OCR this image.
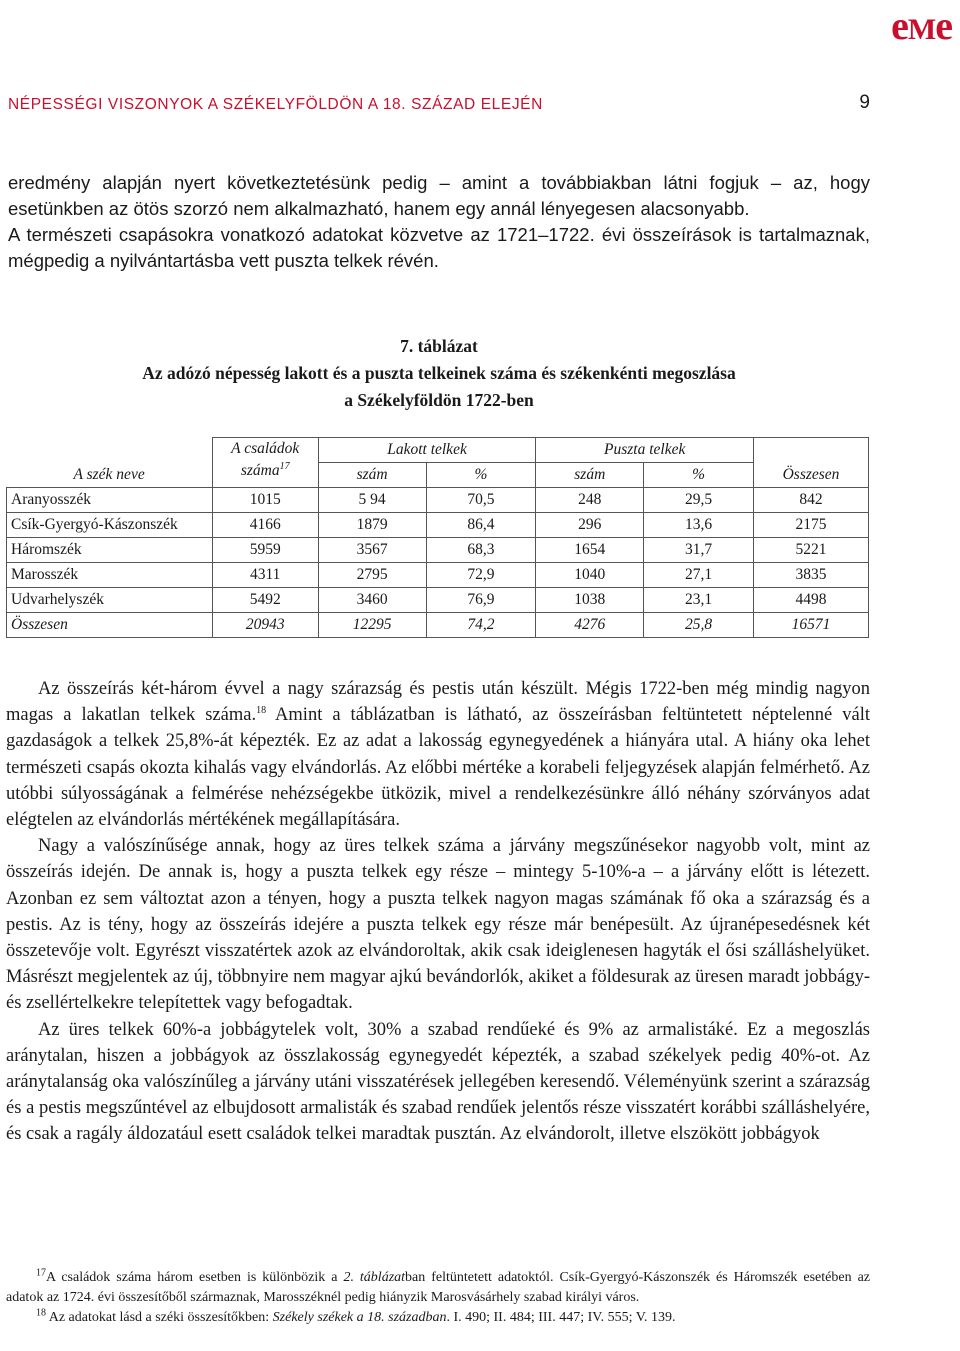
eMe
NÉPESSÉGI VISZONYOK A SZÉKELYFÖLDÖN A 18. SZÁZAD ELEJÉN	9

eredmény alapján nyert következtetésünk pedig – amint a továbbiakban látni fogjuk – az, hogy esetünkben az ötös szorzó nem alkalmazható, hanem egy annál lényegesen alacsonyabb.

A természeti csapásokra vonatkozó adatokat közvetve az 1721–1722. évi összeírások is tartalmaznak, mégpedig a nyilvántartásba vett puszta telkek révén.

7. táblázat
Az adózó népesség lakott és a puszta telkeinek száma és székenkénti megoszlása
a Székelyföldön 1722-ben
A szék neve	A családok
száma$^{17}$	Lakott telkek		Puszta telkek		Összesen
		szám	%	szám	%	
Aranyosszék	1015	5 94	70,5	248	29,5	842
Csík-Gyergyó-Kászonszék	4166	1879	86,4	296	13,6	2175
Háromszék	5959	3567	68,3	1654	31,7	5221
Marosszék	4311	2795	72,9	1040	27,1	3835
Udvarhelyszék	5492	3460	76,9	1038	23,1	4498
Összesen	20943	12295	74,2	4276	25,8	16571

Az összeírás két-három évvel a nagy szárazság és pestis után készült. Mégis 1722-ben még mindig nagyon magas a lakatlan telkek száma.$^{18}$ Amint a táblázatban is látható, az összeírásban feltüntetett néptelenné vált gazdaságok a telkek 25,8%-át képezték. Ez az adat a lakosság egynegyedének a hiányára utal. A hiány oka lehet természeti csapás okozta kihalás vagy elvándorlás. Az előbbi mértéke a korabeli feljegyzések alapján felmérhető. Az utóbbi súlyosságának a felmérése nehézségekbe ütközik, mivel a rendelkezésünkre álló néhány szórványos adat elégtelen az elvándorlás mértékének megállapítására.

Nagy a valószínűsége annak, hogy az üres telkek száma a járvány megszűnésekor nagyobb volt, mint az összeírás idején. De annak is, hogy a puszta telkek egy része – mintegy 5-10%-a – a járvány előtt is létezett. Azonban ez sem változtat azon a tényen, hogy a puszta telkek nagyon magas számának fő oka a szárazság és a pestis. Az is tény, hogy az összeírás idejére a puszta telkek egy része már benépesült. Az újranépesedésnek két összetevője volt. Egyrészt visszatértek azok az elvándoroltak, akik csak ideiglenesen hagyták el ősi szálláshelyüket. Másrészt megjelentek az új, többnyire nem magyar ajkú bevándorlók, akiket a földesurak az üresen maradt jobbágy- és zsellértelkekre telepítettek vagy befogadtak.

Az üres telkek 60%-a jobbágytelek volt, 30% a szabad rendűeké és 9% az armalistáké. Ez a megoszlás aránytalan, hiszen a jobbágyok az összlakosság egynegyedét képezték, a szabad székelyek pedig 40%-ot. Az aránytalanság oka valószínűleg a járvány utáni visszatérések jellegében keresendő. Véleményünk szerint a szárazság és a pestis megszűntével az elbujdosott armalisták és szabad rendűek jelentős része visszatért korábbi szálláshelyére, és csak a ragály áldozatául esett családok telkei maradtak pusztán. Az elvándorolt, illetve elszökött jobbágyok

$^{17}$A családok száma három esetben is különbözik a 2. táblázatban feltüntetett adatoktól. Csík-Gyergyó-Kászonszék és Háromszék esetében az adatok az 1724. évi összesítőből származnak, Marosszéknél pedig hiányzik Marosvásárhely szabad királyi város.

$^{18}$ Az adatokat lásd a széki összesítőkben: Székely székek a 18. században. I. 490; II. 484; III. 447; IV. 555; V. 139.
